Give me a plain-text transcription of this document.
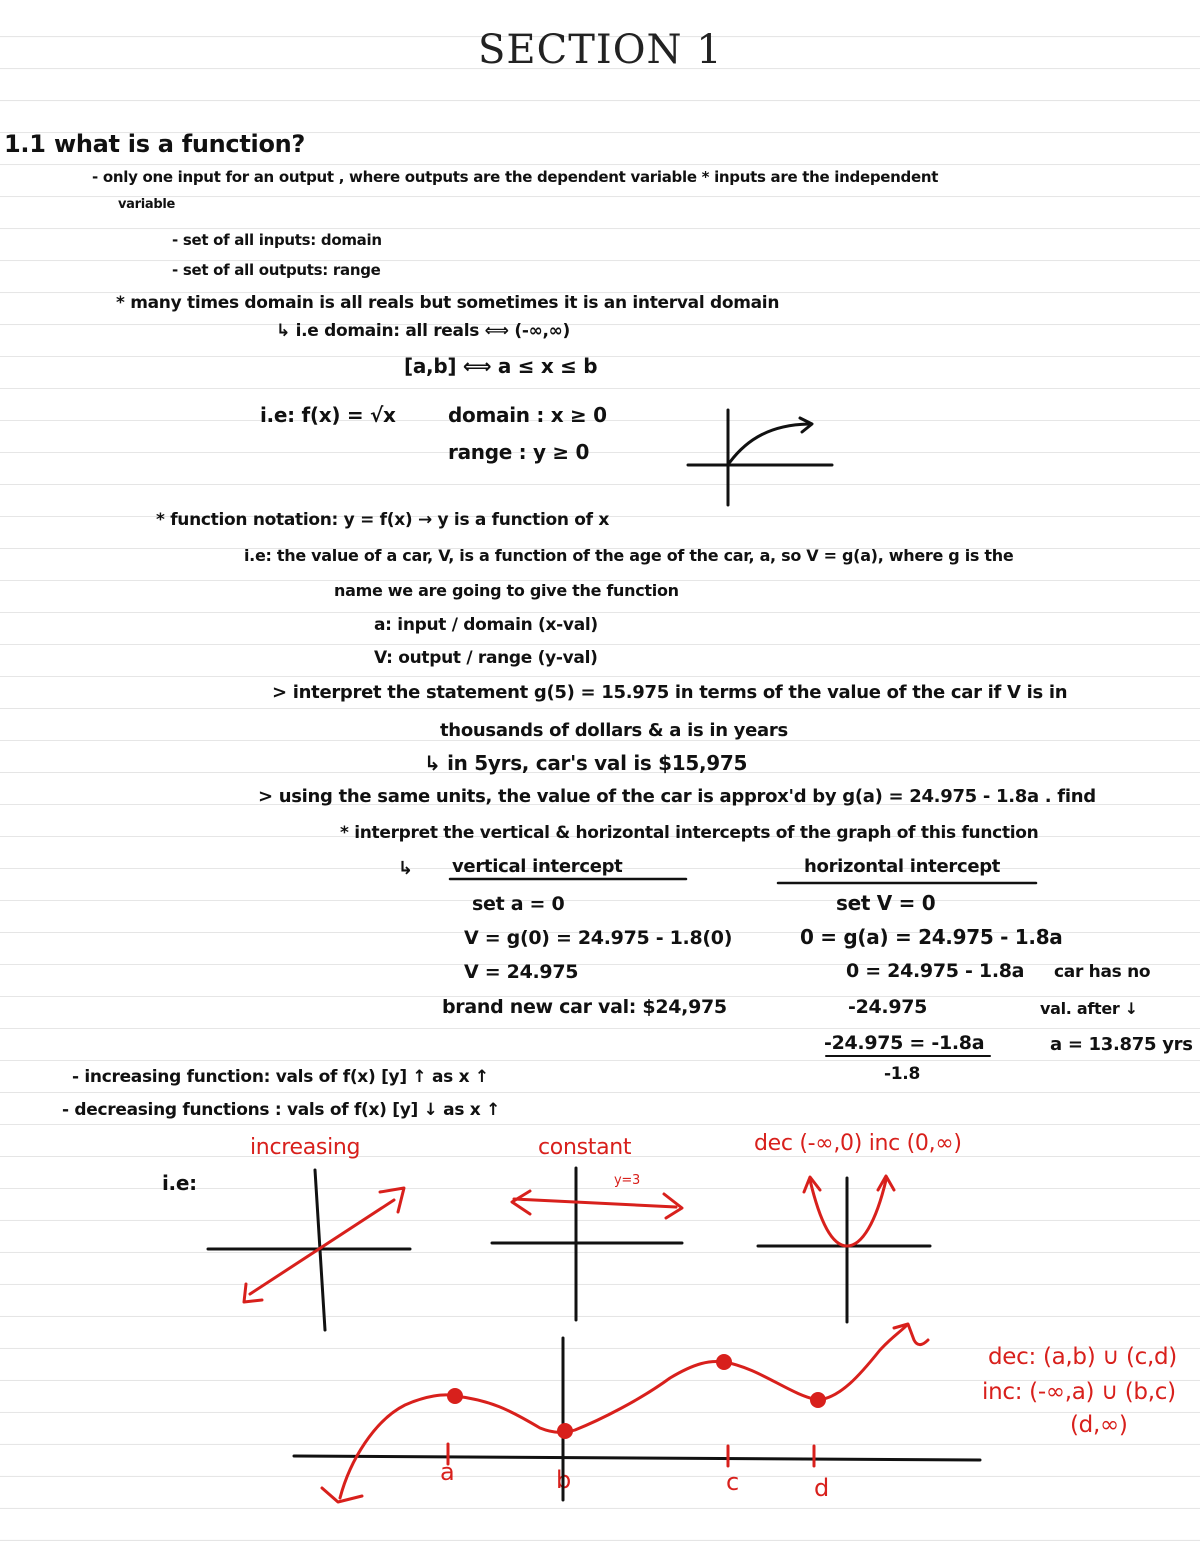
SECTION 1
1.1 what is a function?
- only one input for an output , where outputs are the dependent variable * inputs are the independent
variable
- set of all inputs: domain
- set of all outputs: range
* many times domain is all reals but sometimes it is an interval domain
↳ i.e domain: all reals ⟺ (-∞,∞)
[a,b] ⟺ a ≤ x ≤ b
i.e: f(x) = √x	domain : x ≥ 0
range : y ≥ 0
* function notation: y = f(x) → y is a function of x
i.e: the value of a car, V, is a function of the age of the car, a, so V = g(a), where g is the
name we are going to give the function
a: input / domain (x-val)
V: output / range (y-val)
> interpret the statement g(5) = 15.975 in terms of the value of the car if V is in
thousands of dollars & a is in years
↳ in 5yrs, car's val is $15,975
> using the same units, the value of the car is approx'd by g(a) = 24.975 - 1.8a . find
* interpret the vertical & horizontal intercepts of the graph of this function
↳ vertical intercept
set a = 0
V = g(0) = 24.975 - 1.8(0)
V = 24.975
brand new car val: $24,975
horizontal intercept
set V = 0
0 = g(a) = 24.975 - 1.8a
0 = 24.975 - 1.8a
-24.975
-24.975 = -1.8a
-1.8
car has no
val. after ↓
a = 13.875 yrs
- increasing function: vals of f(x) [y] ↑ as x ↑
- decreasing functions : vals of f(x) [y] ↓ as x ↑
i.e:
increasing	constant
y=3
dec (-∞,0) inc (0,∞)
a	b	c	d
dec: (a,b) ∪ (c,d)
inc: (-∞,a) ∪ (b,c)
(d,∞)
